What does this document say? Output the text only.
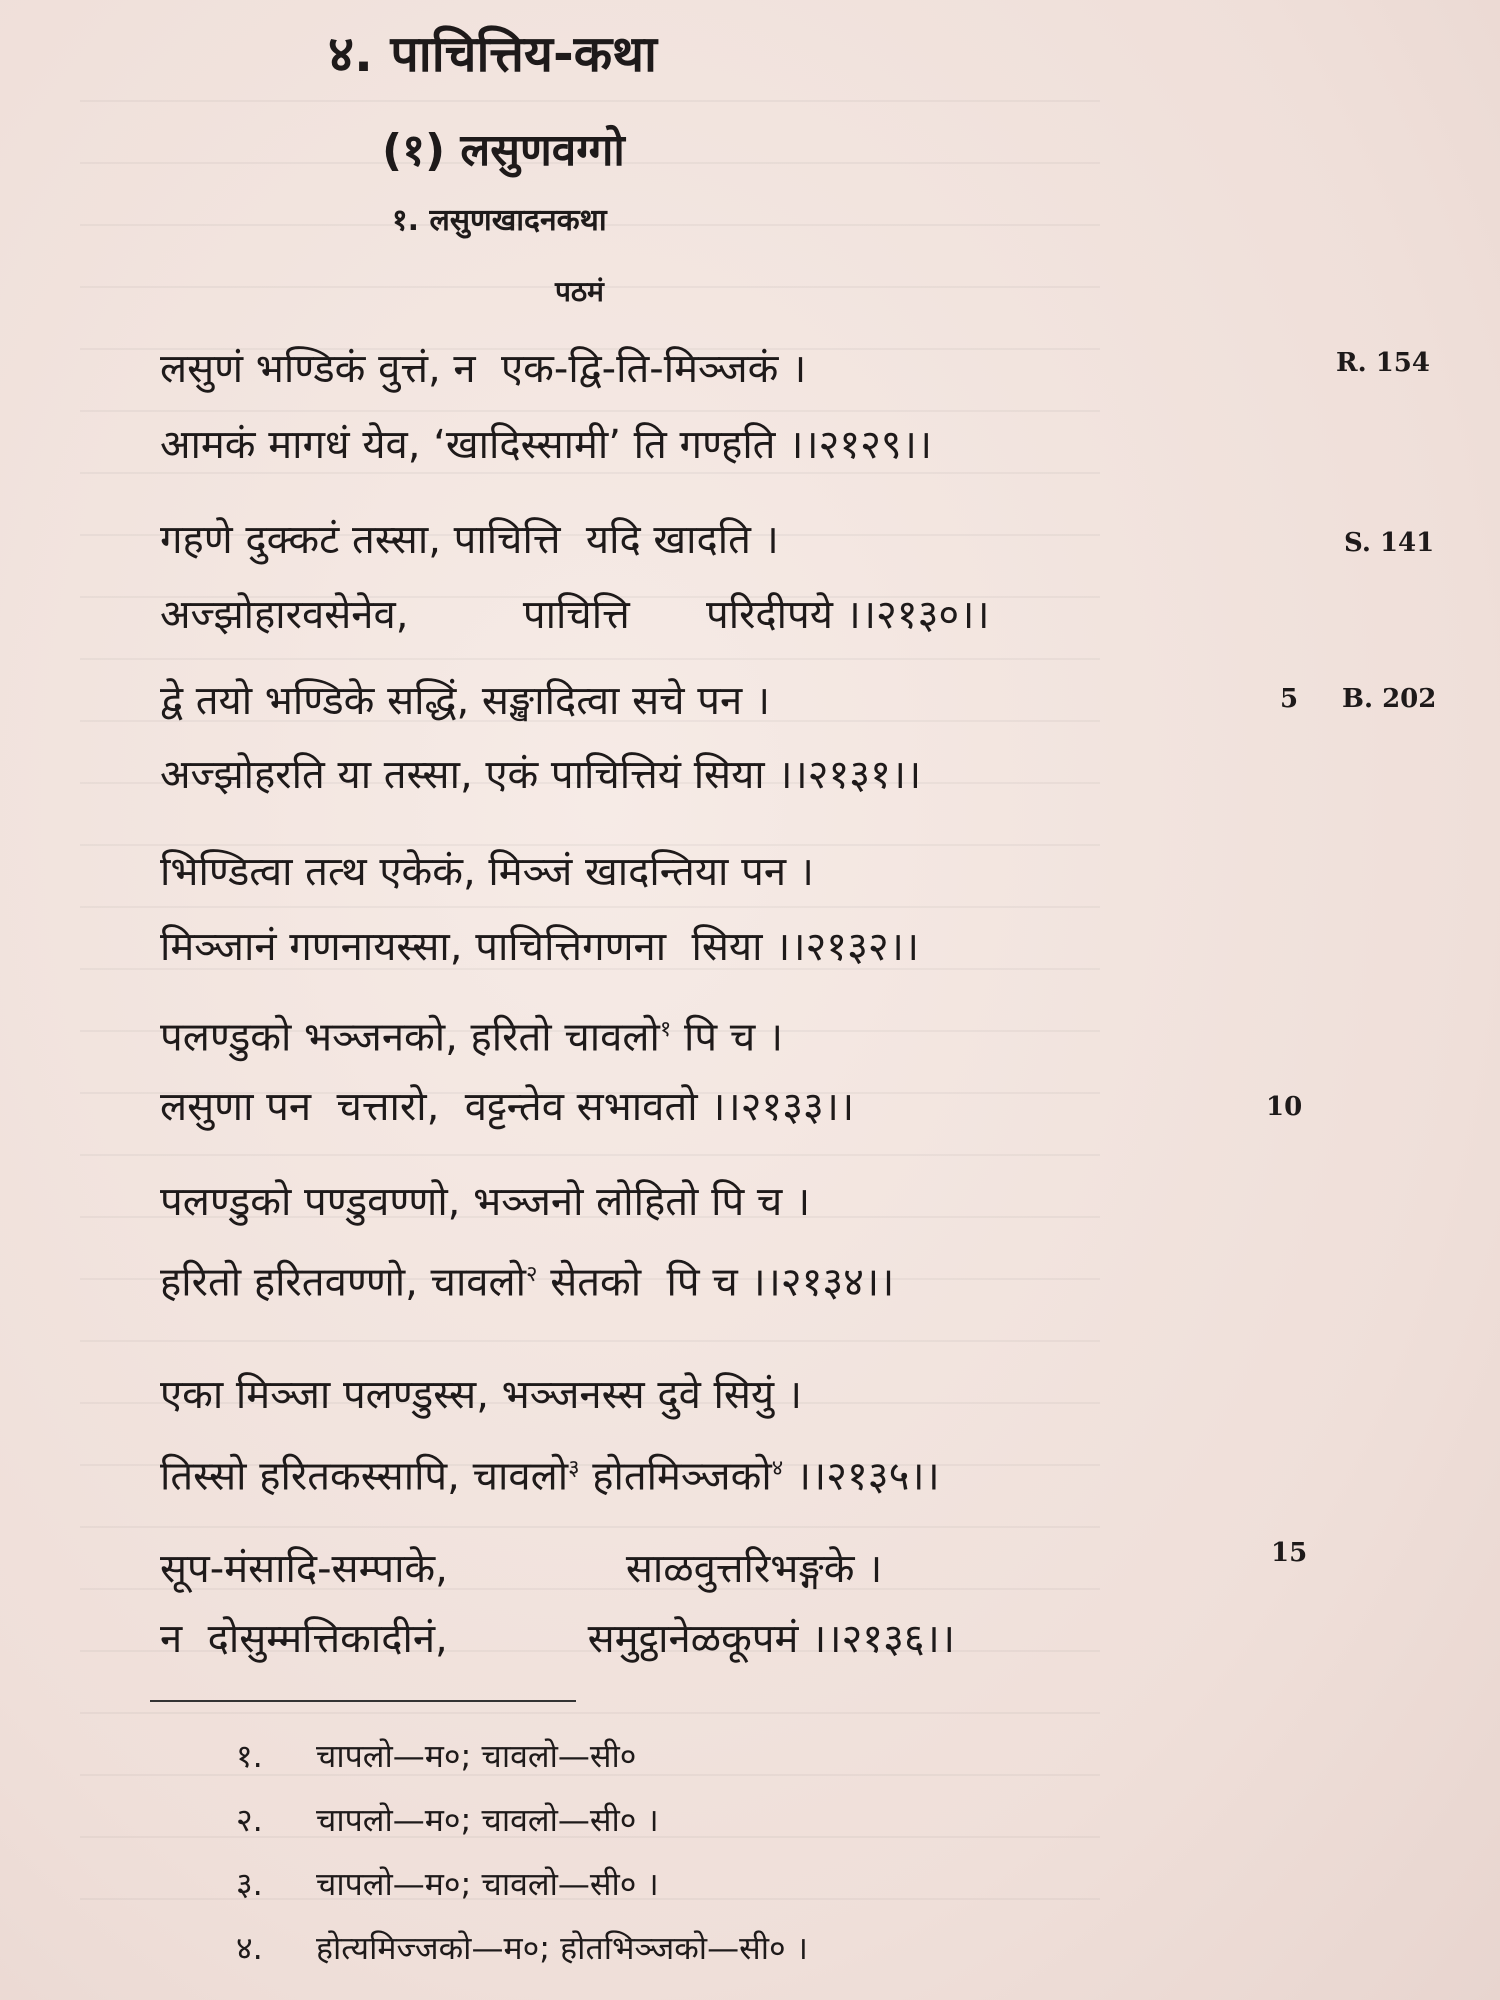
४. पाचित्तिय-कथा
(१) लसुणवग्गो
१. लसुणखादनकथा
पठमं
लसुणं भण्डिकं वुत्तं, न  एक-द्वि-ति-मिञ्जकं ।
आमकं मागधं येव, ‘खादिस्सामी’ ति गण्हति ।।२१२९।।
गहणे दुक्कटं तस्सा, पाचित्ति  यदि खादति ।
अज्झोहारवसेनेव,         पाचित्ति      परिदीपये ।।२१३०।।
द्वे तयो भण्डिके सद्धिं, सङ्खादित्वा सचे पन ।
अज्झोहरति या तस्सा, एकं पाचित्तियं सिया ।।२१३१।।
भिण्डित्वा तत्थ एकेकं, मिञ्जं खादन्तिया पन ।
मिञ्जानं गणनायस्सा, पाचित्तिगणना  सिया ।।२१३२।।
पलण्डुको भञ्जनको, हरितो चावलो$^१$ पि च ।
लसुणा पन  चत्तारो,  वट्टन्तेव सभावतो ।।२१३३।।
पलण्डुको पण्डुवण्णो, भञ्जनो लोहितो पि च ।
हरितो हरितवण्णो, चावलो$^२$ सेतको  पि च ।।२१३४।।
एका मिञ्जा पलण्डुस्स, भञ्जनस्स दुवे सियुं ।
तिस्सो हरितकस्सापि, चावलो$^३$ होतमिञ्जको$^४$ ।।२१३५।।
सूप-मंसादि-सम्पाके,              साळवुत्तरिभङ्गके ।
न  दोसुम्मत्तिकादीनं,           समुट्ठानेळकूपमं ।।२१३६।।
R. 154
S. 141
B. 202
5
10
15
१. चापलो—म०; चावलो—सी०
२. चापलो—म०; चावलो—सी० ।
३. चापलो—म०; चावलो—सी० ।
४. होत्यमिज्जको—म०; होतभिञ्जको—सी० ।
